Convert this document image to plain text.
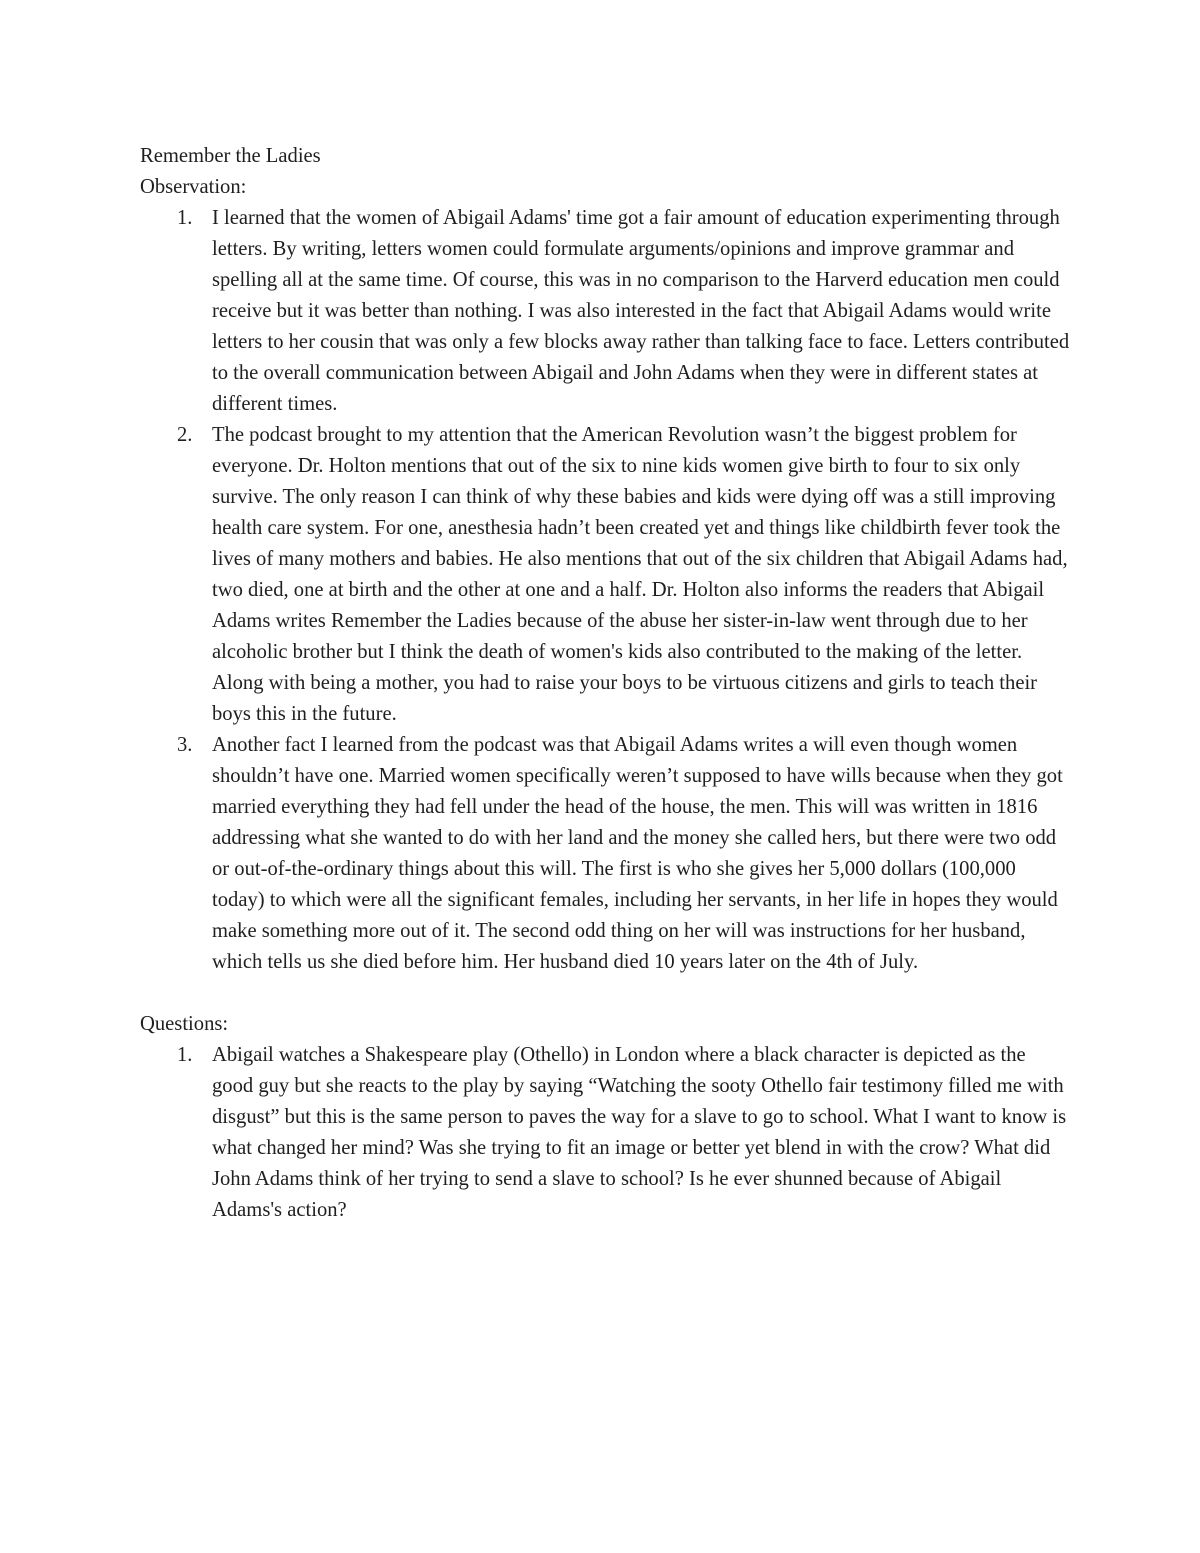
Remember the Ladies

Observation:

1. I learned that the women of Abigail Adams' time got a fair amount of education experimenting through letters. By writing, letters women could formulate arguments/opinions and improve grammar and spelling all at the same time. Of course, this was in no comparison to the Harverd education men could receive but it was better than nothing. I was also interested in the fact that Abigail Adams would write letters to her cousin that was only a few blocks away rather than talking face to face. Letters contributed to the overall communication between Abigail and John Adams when they were in different states at different times.
2. The podcast brought to my attention that the American Revolution wasn’t the biggest problem for everyone. Dr. Holton mentions that out of the six to nine kids women give birth to four to six only survive. The only reason I can think of why these babies and kids were dying off was a still improving health care system. For one, anesthesia hadn’t been created yet and things like childbirth fever took the lives of many mothers and babies. He also mentions that out of the six children that Abigail Adams had, two died, one at birth and the other at one and a half. Dr. Holton also informs the readers that Abigail Adams writes Remember the Ladies because of the abuse her sister-in-law went through due to her alcoholic brother but I think the death of women's kids also contributed to the making of the letter. Along with being a mother, you had to raise your boys to be virtuous citizens and girls to teach their boys this in the future.
3. Another fact I learned from the podcast was that Abigail Adams writes a will even though women shouldn’t have one. Married women specifically weren’t supposed to have wills because when they got married everything they had fell under the head of the house, the men. This will was written in 1816 addressing what she wanted to do with her land and the money she called hers, but there were two odd or out-of-the-ordinary things about this will. The first is who she gives her 5,000 dollars (100,000 today) to which were all the significant females, including her servants, in her life in hopes they would make something more out of it. The second odd thing on her will was instructions for her husband, which tells us she died before him. Her husband died 10 years later on the 4th of July.

Questions:

1. Abigail watches a Shakespeare play (Othello) in London where a black character is depicted as the good guy but she reacts to the play by saying “Watching the sooty Othello fair testimony filled me with disgust” but this is the same person to paves the way for a slave to go to school. What I want to know is what changed her mind? Was she trying to fit an image or better yet blend in with the crow? What did John Adams think of her trying to send a slave to school? Is he ever shunned because of Abigail Adams's action?
